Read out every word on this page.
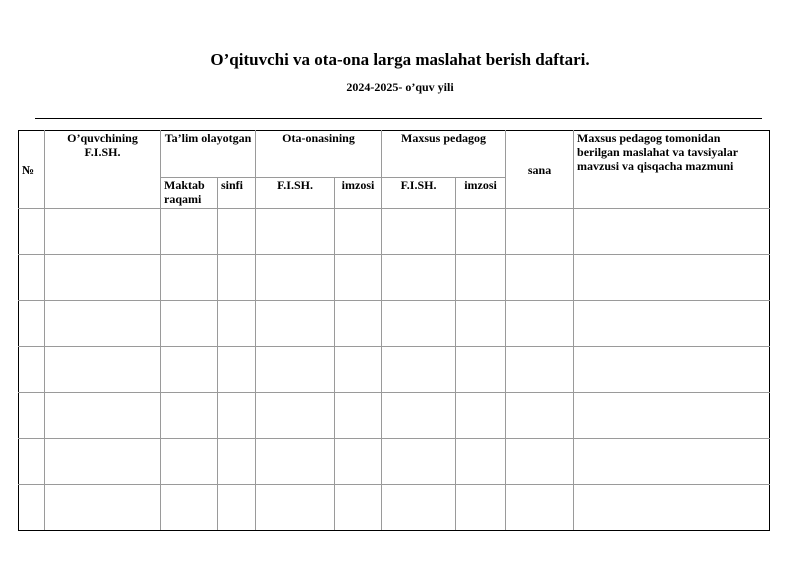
O’qituvchi va ota-ona larga maslahat berish daftari.
2024-2025- o’quv yili
№	O’quvchining F.I.SH.	Ta’lim olayotgan		Ota-onasining		Maxsus pedagog		sana	Maxsus pedagog tomonidan berilgan maslahat va tavsiyalar mavzusi va qisqacha mazmuni
		Maktab raqami	sinfi	F.I.SH.	imzosi	F.I.SH.	imzosi		
